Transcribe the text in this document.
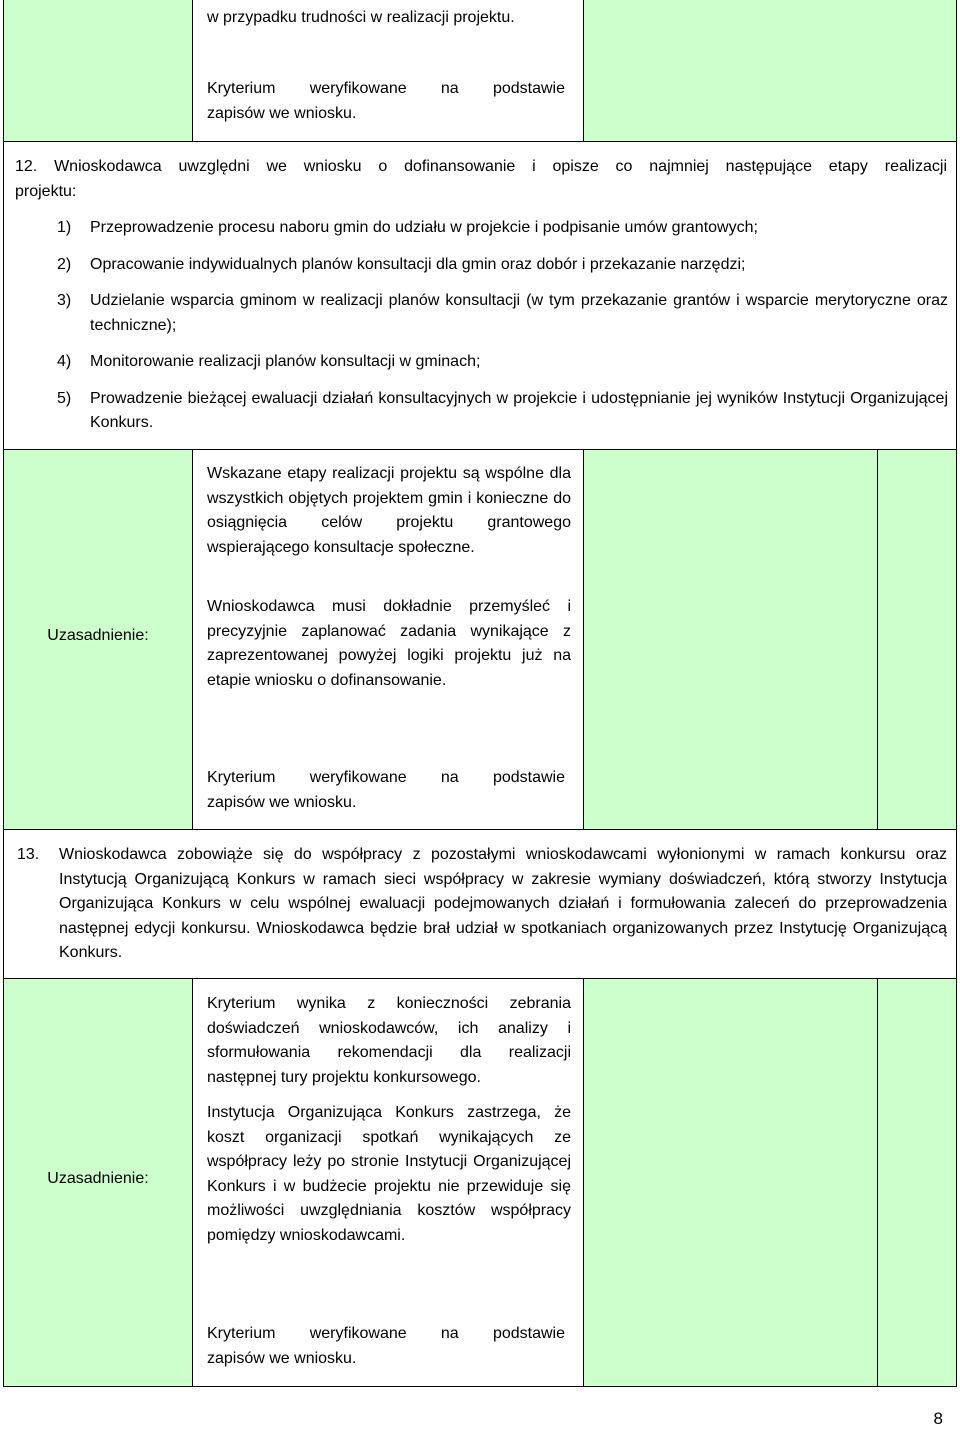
w przypadku trudności w realizacji projektu.
Kryterium weryfikowane na podstawie
zapisów we wniosku.
12. Wnioskodawca uwzględni we wniosku o dofinansowanie i opisze co najmniej następujące etapy realizacji
projektu:
1) Przeprowadzenie procesu naboru gmin do udziału w projekcie i podpisanie umów grantowych;
2) Opracowanie indywidualnych planów konsultacji dla gmin oraz dobór i przekazanie narzędzi;
3) Udzielanie wsparcia gminom w realizacji planów konsultacji (w tym przekazanie grantów i wsparcie merytoryczne oraz techniczne);
4) Monitorowanie realizacji planów konsultacji w gminach;
5) Prowadzenie bieżącej ewaluacji działań konsultacyjnych w projekcie i udostępnianie jej wyników Instytucji Organizującej Konkurs.
Uzasadnienie:

Wskazane etapy realizacji projektu są wspólne dla wszystkich objętych projektem gmin i konieczne do osiągnięcia celów projektu grantowego wspierającego konsultacje społeczne.

Wnioskodawca musi dokładnie przemyśleć i precyzyjnie zaplanować zadania wynikające z zaprezentowanej powyżej logiki projektu już na etapie wniosku o dofinansowanie.

Kryterium weryfikowane na podstawie
zapisów we wniosku.
13. Wnioskodawca zobowiąże się do współpracy z pozostałymi wnioskodawcami wyłonionymi w ramach konkursu oraz Instytucją Organizującą Konkurs w ramach sieci współpracy w zakresie wymiany doświadczeń, którą stworzy Instytucja Organizująca Konkurs w celu wspólnej ewaluacji podejmowanych działań i formułowania zaleceń do przeprowadzenia następnej edycji konkursu. Wnioskodawca będzie brał udział w spotkaniach organizowanych przez Instytucję Organizującą Konkurs.

Uzasadnienie:

Kryterium wynika z konieczności zebrania doświadczeń wnioskodawców, ich analizy i sformułowania rekomendacji dla realizacji następnej tury projektu konkursowego.

Instytucja Organizująca Konkurs zastrzega, że koszt organizacji spotkań wynikających ze współpracy leży po stronie Instytucji Organizującej Konkurs i w budżecie projektu nie przewiduje się możliwości uwzględniania kosztów współpracy pomiędzy wnioskodawcami.

Kryterium weryfikowane na podstawie
zapisów we wniosku.
8
